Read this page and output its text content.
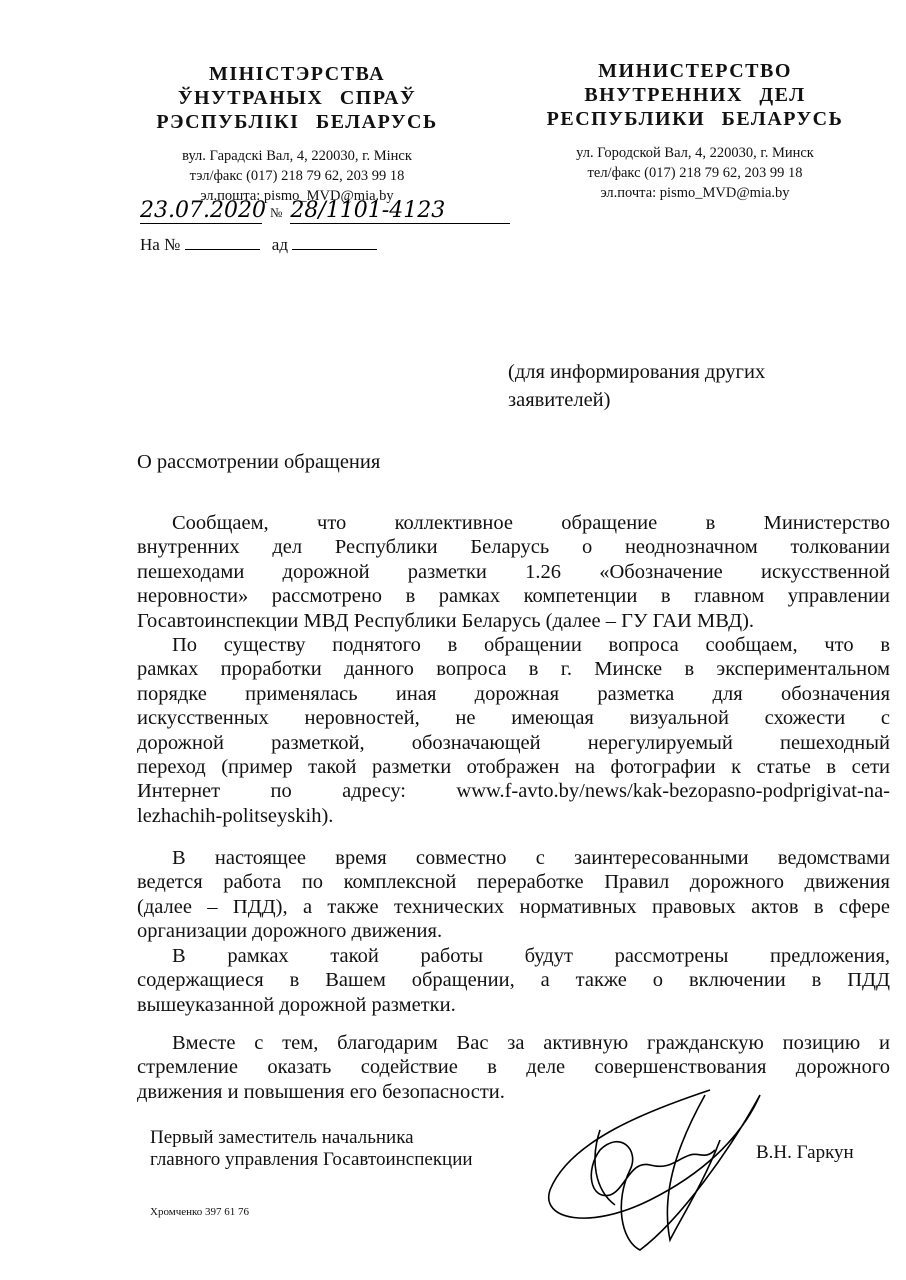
МІНІСТЭРСТВА
ЎНУТРАНЫХ СПРАЎ
РЭСПУБЛІКІ БЕЛАРУСЬ
вул. Гарадскі Вал, 4, 220030, г. Мінск
тэл/факс (017) 218 79 62, 203 99 18
эл.пошта: pismo_MVD@mia.by
МИНИСТЕРСТВО
ВНУТРЕННИХ ДЕЛ
РЕСПУБЛИКИ БЕЛАРУСЬ
ул. Городской Вал, 4, 220030, г. Минск
тел/факс (017) 218 79 62, 203 99 18
эл.почта: pismo_MVD@mia.by
23.07.2020 № 28/1101-4123
На №	ад
(для информирования других
заявителей)
О рассмотрении обращения
Сообщаем, что коллективное обращение в Министерство
внутренних дел Республики Беларусь о неоднозначном толковании
пешеходами дорожной разметки 1.26 «Обозначение искусственной
неровности» рассмотрено в рамках компетенции в главном управлении
Госавтоинспекции МВД Республики Беларусь (далее – ГУ ГАИ МВД).
По существу поднятого в обращении вопроса сообщаем, что в
рамках проработки данного вопроса в г. Минске в экспериментальном
порядке применялась иная дорожная разметка для обозначения
искусственных неровностей, не имеющая визуальной схожести с
дорожной разметкой, обозначающей нерегулируемый пешеходный
переход (пример такой разметки отображен на фотографии к статье в сети
Интернет по адресу: www.f-avto.by/news/kak-bezopasno-podprigivat-na-
lezhachih-politseyskih).
В настоящее время совместно с заинтересованными ведомствами
ведется работа по комплексной переработке Правил дорожного движения
(далее – ПДД), а также технических нормативных правовых актов в сфере
организации дорожного движения.
В рамках такой работы будут рассмотрены предложения,
содержащиеся в Вашем обращении, а также о включении в ПДД
вышеуказанной дорожной разметки.
Вместе с тем, благодарим Вас за активную гражданскую позицию и
стремление оказать содействие в деле совершенствования дорожного
движения и повышения его безопасности.
Первый заместитель начальника
главного управления Госавтоинспекции	В.Н. Гаркун
Хромченко 397 61 76
